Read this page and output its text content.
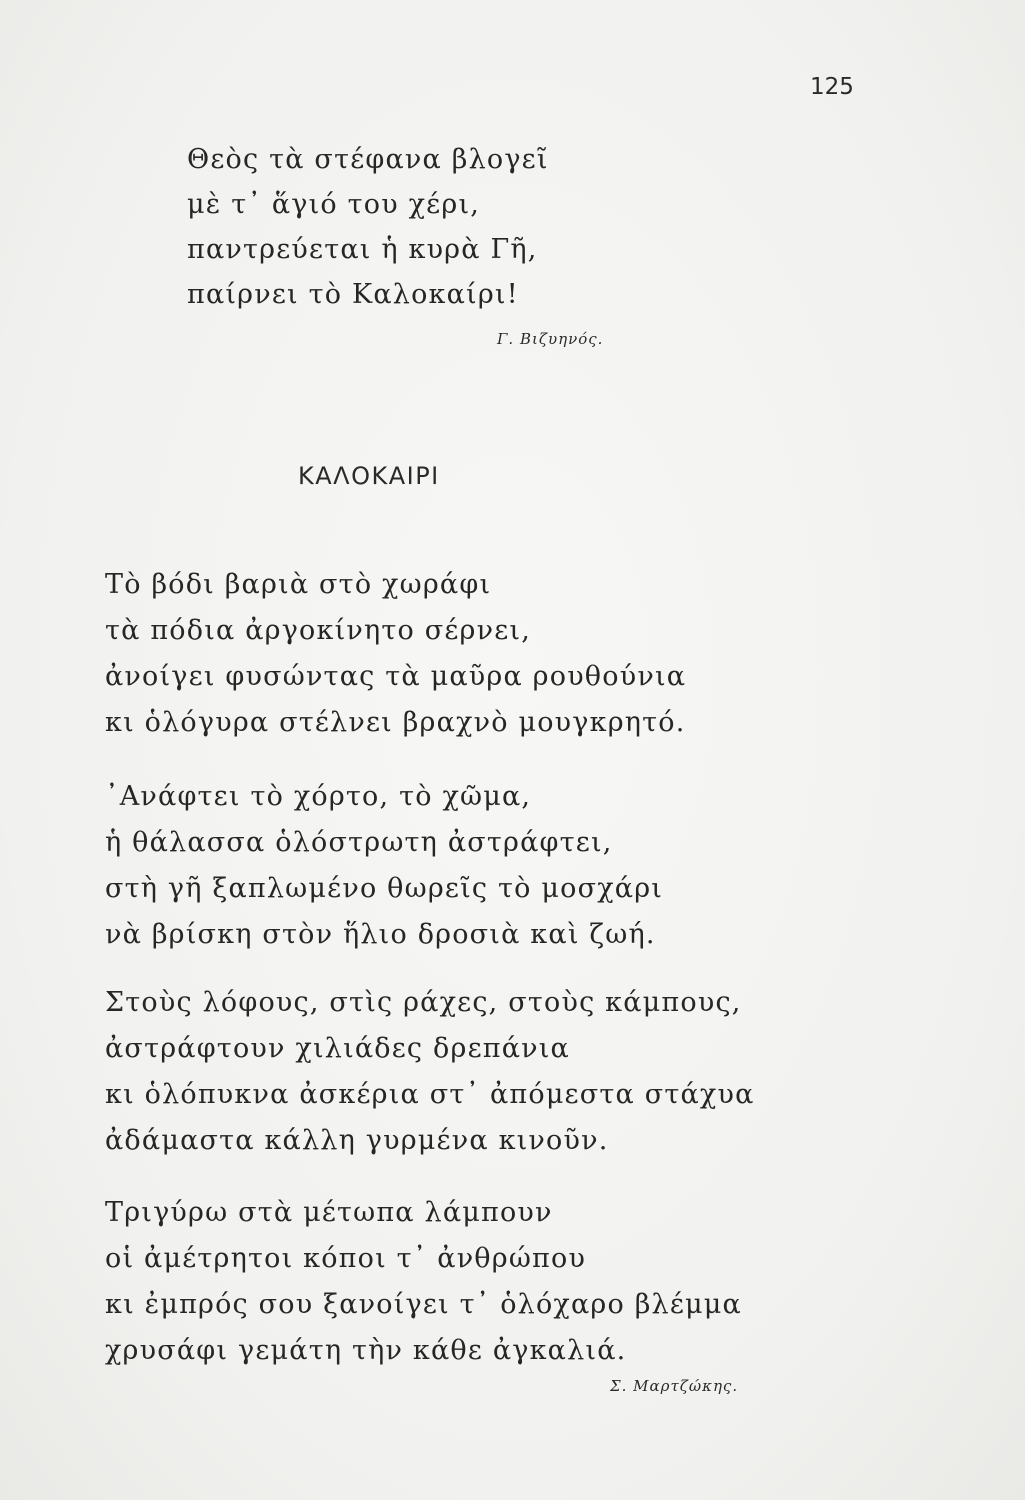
125
Θεὸς τὰ στέφανα βλογεῖ
μὲ τ᾽ ἅγιό του χέρι,
παντρεύεται ἡ κυρὰ Γῆ,
παίρνει τὸ Καλοκαίρι!
Γ. Βιζυηνός.
ΚΑΛΟΚΑΙΡΙ
Τὸ βόδι βαριὰ στὸ χωράφι
τὰ πόδια ἀργοκίνητο σέρνει,
ἀνοίγει φυσώντας τὰ μαῦρα ρουθούνια
κι ὁλόγυρα στέλνει βραχνὸ μουγκρητό.
᾿Ανάφτει τὸ χόρτο, τὸ χῶμα,
ἡ θάλασσα ὁλόστρωτη ἀστράφτει,
στὴ γῆ ξαπλωμένο θωρεῖς τὸ μοσχάρι
νὰ βρίσκη στὸν ἥλιο δροσιὰ καὶ ζωή.
Στοὺς λόφους, στὶς ράχες, στοὺς κάμπους,
ἀστράφτουν χιλιάδες δρεπάνια
κι ὁλόπυκνα ἀσκέρια στ᾽ ἀπόμεστα στάχυα
ἀδάμαστα κάλλη γυρμένα κινοῦν.
Τριγύρω στὰ μέτωπα λάμπουν
οἱ ἀμέτρητοι κόποι τ᾽ ἀνθρώπου
κι ἐμπρός σου ξανοίγει τ᾽ ὁλόχαρο βλέμμα
χρυσάφι γεμάτη τὴν κάθε ἀγκαλιά.
Σ. Μαρτζώκης.
